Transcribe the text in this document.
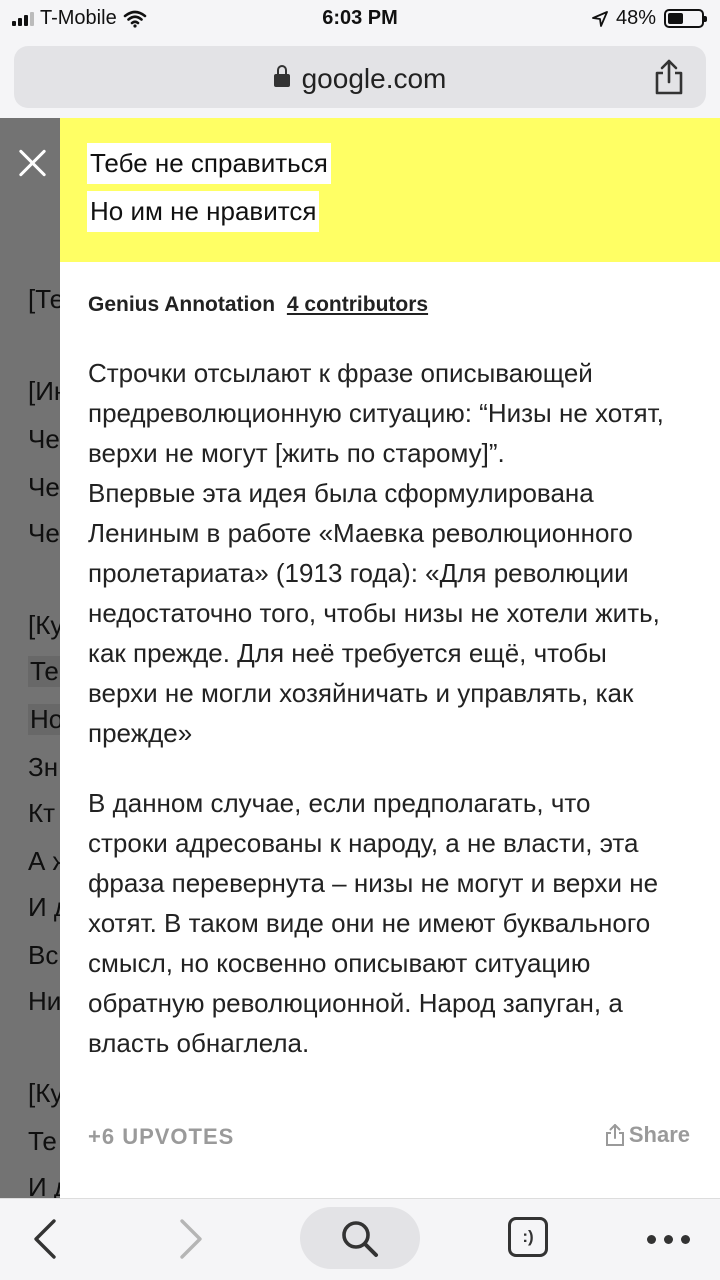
T-Mobile	6:03 PM	48%
google.com
Тебе не справиться
Но им не нравится
Genius Annotation 4 contributors
Строчки отсылают к фразе описывающей
предреволюционную ситуацию: “Низы не хотят,
верхи не могут [жить по старому]”.
Впервые эта идея была сформулирована
Лениным в работе «Маевка революционного
пролетариата» (1913 года): «Для революции
недостаточно того, чтобы низы не хотели жить,
как прежде. Для неё требуется ещё, чтобы
верхи не могли хозяйничать и управлять, как
прежде»
В данном случае, если предполагать, что
строки адресованы к народу, а не власти, эта
фраза перевернута – низы не могут и верхи не
хотят. В таком виде они не имеют буквального
смысл, но косвенно описывают ситуацию
обратную революционной. Народ запуган, а
власть обнаглела.
+6 UPVOTES	Share
:)
